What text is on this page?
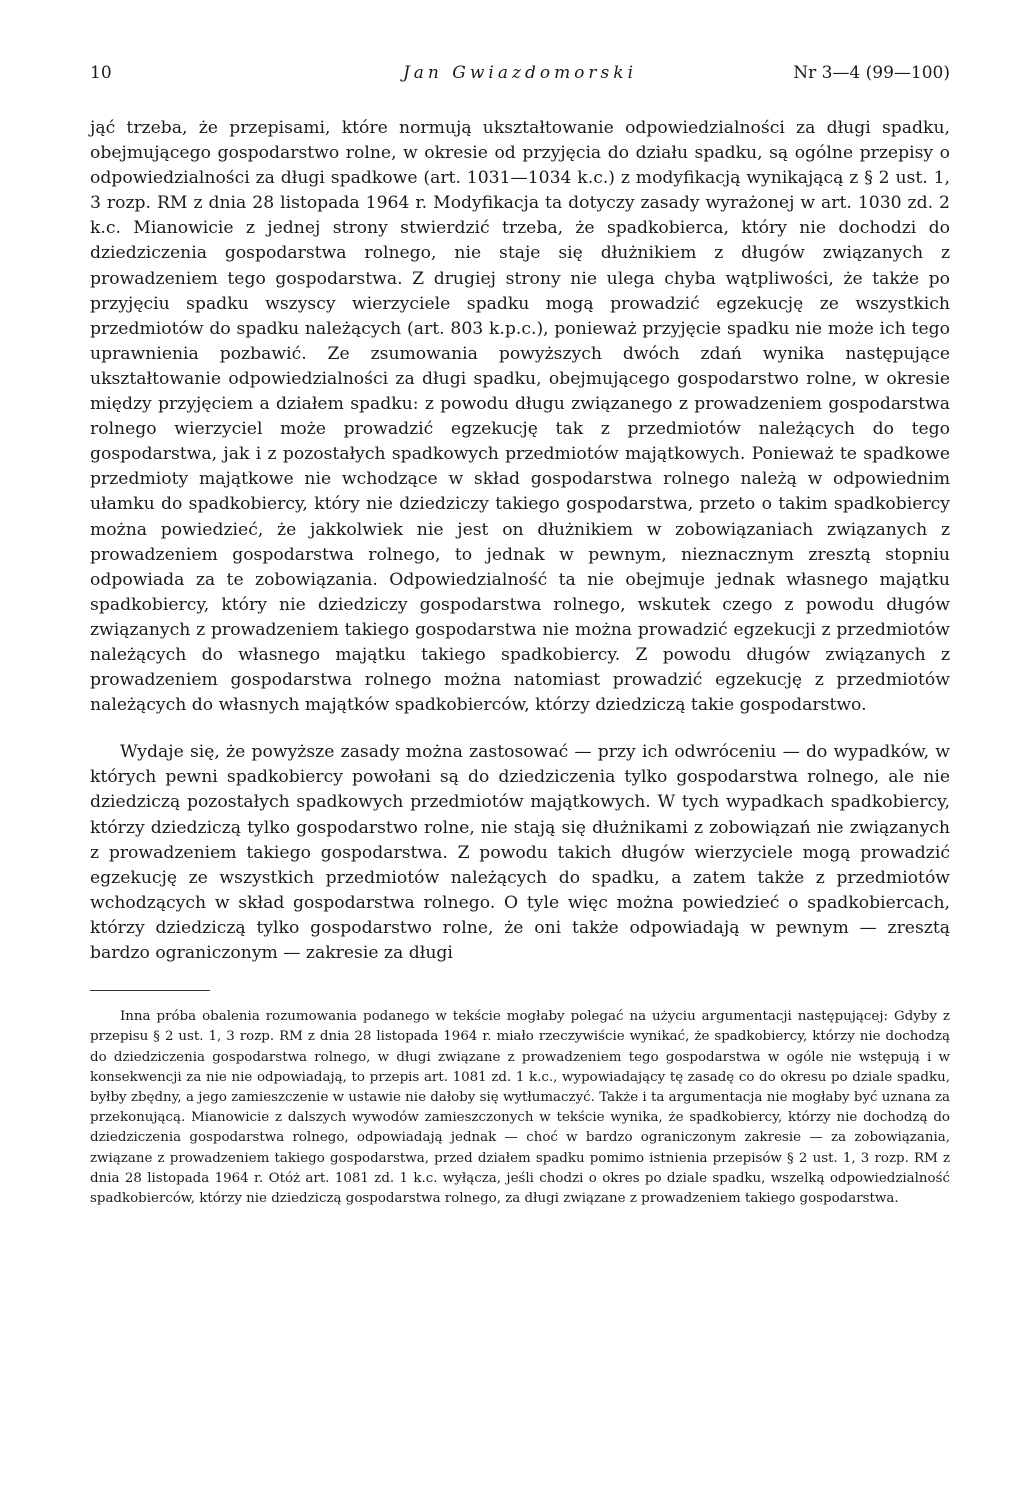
10	Jan Gwiazdomorski	Nr 3—4 (99—100)

jąć trzeba, że przepisami, które normują ukształtowanie odpowiedzialności za długi spadku, obejmującego gospodarstwo rolne, w okresie od przyjęcia do działu spadku, są ogólne przepisy o odpowiedzialności za długi spadkowe (art. 1031—1034 k.c.) z modyfikacją wynikającą z § 2 ust. 1, 3 rozp. RM z dnia 28 listopada 1964 r. Modyfikacja ta dotyczy zasady wyrażonej w art. 1030 zd. 2 k.c. Mianowicie z jednej strony stwierdzić trzeba, że spadkobierca, który nie dochodzi do dziedziczenia gospodarstwa rolnego, nie staje się dłużnikiem z długów związanych z prowadzeniem tego gospodarstwa. Z drugiej strony nie ulega chyba wątpliwości, że także po przyjęciu spadku wszyscy wierzyciele spadku mogą prowadzić egzekucję ze wszystkich przedmiotów do spadku należących (art. 803 k.p.c.), ponieważ przyjęcie spadku nie może ich tego uprawnienia pozbawić. Ze zsumowania powyższych dwóch zdań wynika następujące ukształtowanie odpowiedzialności za długi spadku, obejmującego gospodarstwo rolne, w okresie między przyjęciem a działem spadku: z powodu długu związanego z prowadzeniem gospodarstwa rolnego wierzyciel może prowadzić egzekucję tak z przedmiotów należących do tego gospodarstwa, jak i z pozostałych spadkowych przedmiotów majątkowych. Ponieważ te spadkowe przedmioty majątkowe nie wchodzące w skład gospodarstwa rolnego należą w odpowiednim ułamku do spadkobiercy, który nie dziedziczy takiego gospodarstwa, przeto o takim spadkobiercy można powiedzieć, że jakkolwiek nie jest on dłużnikiem w zobowiązaniach związanych z prowadzeniem gospodarstwa rolnego, to jednak w pewnym, nieznacznym zresztą stopniu odpowiada za te zobowiązania. Odpowiedzialność ta nie obejmuje jednak własnego majątku spadkobiercy, który nie dziedziczy gospodarstwa rolnego, wskutek czego z powodu długów związanych z prowadzeniem takiego gospodarstwa nie można prowadzić egzekucji z przedmiotów należących do własnego majątku takiego spadkobiercy. Z powodu długów związanych z prowadzeniem gospodarstwa rolnego można natomiast prowadzić egzekucję z przedmiotów należących do własnych majątków spadkobierców, którzy dziedziczą takie gospodarstwo.

Wydaje się, że powyższe zasady można zastosować — przy ich odwróceniu — do wypadków, w których pewni spadkobiercy powołani są do dziedziczenia tylko gospodarstwa rolnego, ale nie dziedziczą pozostałych spadkowych przedmiotów majątkowych. W tych wypadkach spadkobiercy, którzy dziedziczą tylko gospodarstwo rolne, nie stają się dłużnikami z zobowiązań nie związanych z prowadzeniem takiego gospodarstwa. Z powodu takich długów wierzyciele mogą prowadzić egzekucję ze wszystkich przedmiotów należących do spadku, a zatem także z przedmiotów wchodzących w skład gospodarstwa rolnego. O tyle więc można powiedzieć o spadkobiercach, którzy dziedziczą tylko gospodarstwo rolne, że oni także odpowiadają w pewnym — zresztą bardzo ograniczonym — zakresie za długi

Inna próba obalenia rozumowania podanego w tekście mogłaby polegać na użyciu argumentacji następującej: Gdyby z przepisu § 2 ust. 1, 3 rozp. RM z dnia 28 listopada 1964 r. miało rzeczywiście wynikać, że spadkobiercy, którzy nie dochodzą do dziedziczenia gospodarstwa rolnego, w długi związane z prowadzeniem tego gospodarstwa w ogóle nie wstępują i w konsekwencji za nie nie odpowiadają, to przepis art. 1081 zd. 1 k.c., wypowiadający tę zasadę co do okresu po dziale spadku, byłby zbędny, a jego zamieszczenie w ustawie nie dałoby się wytłumaczyć. Także i ta argumentacja nie mogłaby być uznana za przekonującą. Mianowicie z dalszych wywodów zamieszczonych w tekście wynika, że spadkobiercy, którzy nie dochodzą do dziedziczenia gospodarstwa rolnego, odpowiadają jednak — choć w bardzo ograniczonym zakresie — za zobowiązania, związane z prowadzeniem takiego gospodarstwa, przed działem spadku pomimo istnienia przepisów § 2 ust. 1, 3 rozp. RM z dnia 28 listopada 1964 r. Otóż art. 1081 zd. 1 k.c. wyłącza, jeśli chodzi o okres po dziale spadku, wszelką odpowiedzialność spadkobierców, którzy nie dziedziczą gospodarstwa rolnego, za długi związane z prowadzeniem takiego gospodarstwa.
